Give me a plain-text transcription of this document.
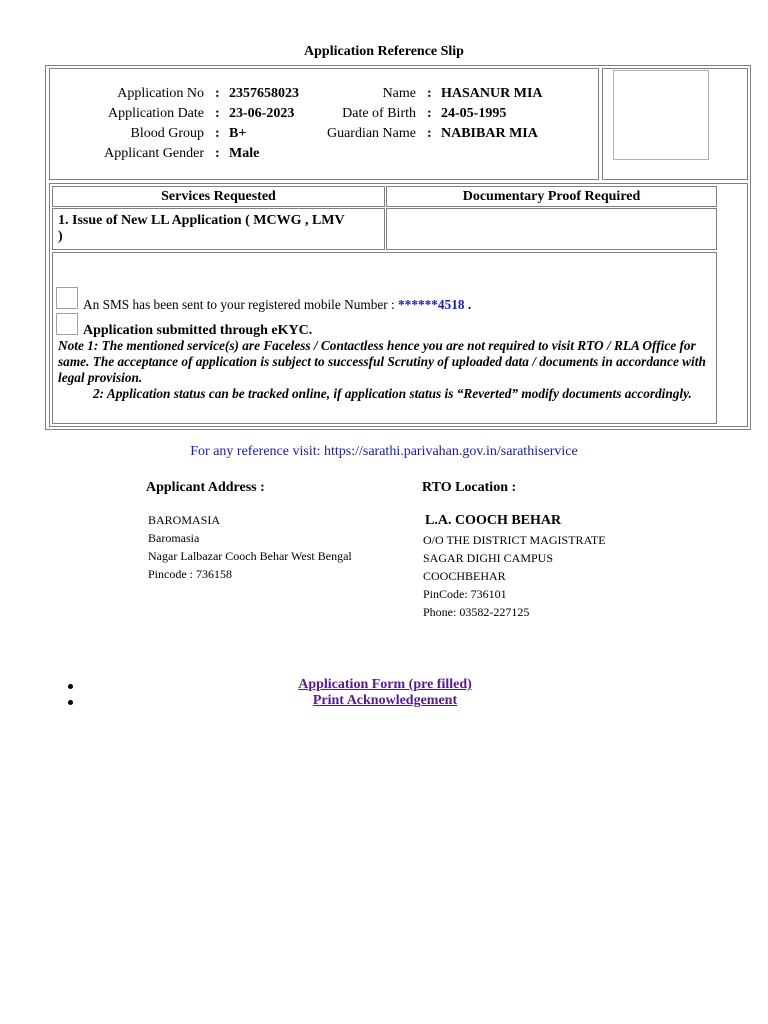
Application Reference Slip
Application No : 2357658023
Application Date : 23-06-2023
Blood Group : B+
Applicant Gender : Male
Name : HASANUR MIA
Date of Birth : 24-05-1995
Guardian Name : NABIBAR MIA
Services Requested	Documentary Proof Required
1. Issue of New LL Application ( MCWG , LMV
)
An SMS has been sent to your registered mobile Number : ******4518 .
Application submitted through eKYC.
Note 1: The mentioned service(s) are Faceless / Contactless hence you are not required to visit RTO / RLA Office for same. The acceptance of application is subject to successful Scrutiny of uploaded data / documents in accordance with legal provision.
2: Application status can be tracked online, if application status is “Reverted” modify documents accordingly.
For any reference visit: https://sarathi.parivahan.gov.in/sarathiservice
Applicant Address :
BAROMASIA
Baromasia
Nagar Lalbazar Cooch Behar West Bengal
Pincode : 736158
RTO Location :
L.A. COOCH BEHAR
O/O THE DISTRICT MAGISTRATE
SAGAR DIGHI CAMPUS
COOCHBEHAR
PinCode: 736101
Phone: 03582-227125
Application Form (pre filled)
Print Acknowledgement
